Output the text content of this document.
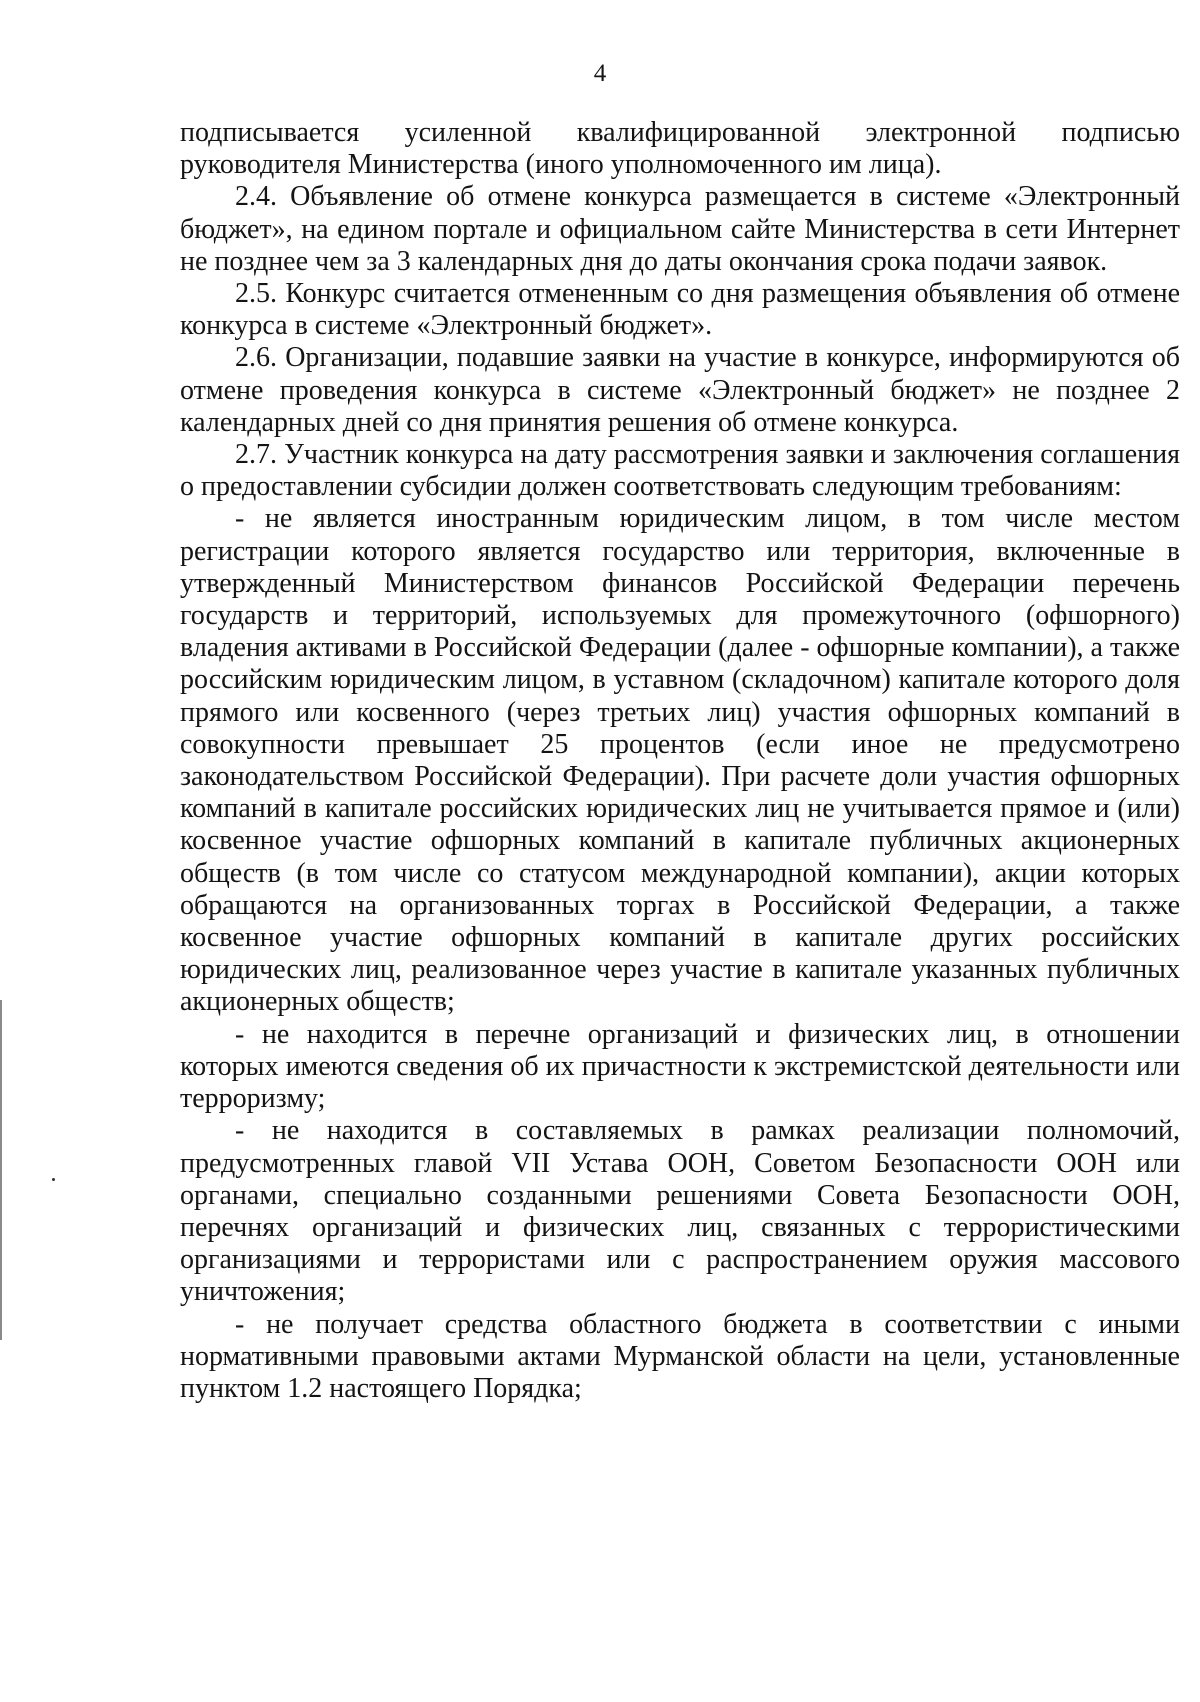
4

подписывается усиленной квалифицированной электронной подписью руководителя Министерства (иного уполномоченного им лица).

2.4. Объявление об отмене конкурса размещается в системе «Электронный бюджет», на едином портале и официальном сайте Министерства в сети Интернет не позднее чем за 3 календарных дня до даты окончания срока подачи заявок.

2.5. Конкурс считается отмененным со дня размещения объявления об отмене конкурса в системе «Электронный бюджет».

2.6. Организации, подавшие заявки на участие в конкурсе, информируются об отмене проведения конкурса в системе «Электронный бюджет» не позднее 2 календарных дней со дня принятия решения об отмене конкурса.

2.7. Участник конкурса на дату рассмотрения заявки и заключения соглашения о предоставлении субсидии должен соответствовать следующим требованиям:

- не является иностранным юридическим лицом, в том числе местом регистрации которого является государство или территория, включенные в утвержденный Министерством финансов Российской Федерации перечень государств и территорий, используемых для промежуточного (офшорного) владения активами в Российской Федерации (далее - офшорные компании), а также российским юридическим лицом, в уставном (складочном) капитале которого доля прямого или косвенного (через третьих лиц) участия офшорных компаний в совокупности превышает 25 процентов (если иное не предусмотрено законодательством Российской Федерации). При расчете доли участия офшорных компаний в капитале российских юридических лиц не учитывается прямое и (или) косвенное участие офшорных компаний в капитале публичных акционерных обществ (в том числе со статусом международной компании), акции которых обращаются на организованных торгах в Российской Федерации, а также косвенное участие офшорных компаний в капитале других российских юридических лиц, реализованное через участие в капитале указанных публичных акционерных обществ;

- не находится в перечне организаций и физических лиц, в отношении которых имеются сведения об их причастности к экстремистской деятельности или терроризму;

- не находится в составляемых в рамках реализации полномочий, предусмотренных главой VII Устава ООН, Советом Безопасности ООН или органами, специально созданными решениями Совета Безопасности ООН, перечнях организаций и физических лиц, связанных с террористическими организациями и террористами или с распространением оружия массового уничтожения;

- не получает средства областного бюджета в соответствии с иными нормативными правовыми актами Мурманской области на цели, установленные пунктом 1.2 настоящего Порядка;
